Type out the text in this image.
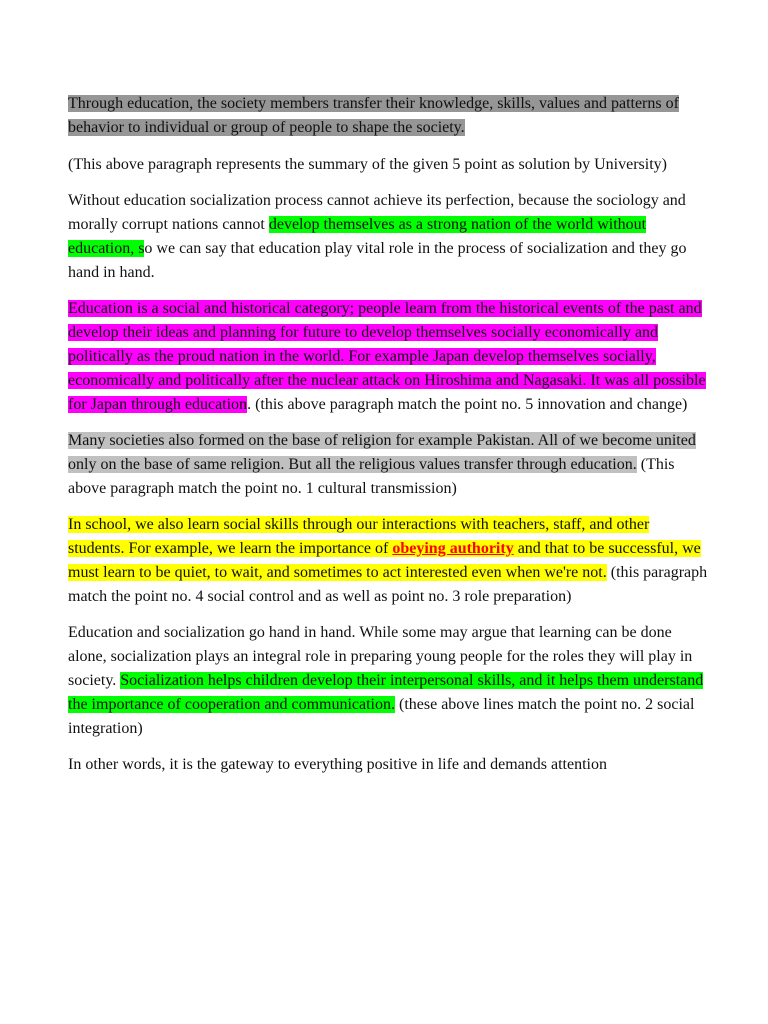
Through education, the society members transfer their knowledge, skills, values and patterns of behavior to individual or group of people to shape the society.

(This above paragraph represents the summary of the given 5 point as solution by University)

Without education socialization process cannot achieve its perfection, because the sociology and morally corrupt nations cannot develop themselves as a strong nation of the world without education, so we can say that education play vital role in the process of socialization and they go hand in hand.

Education is a social and historical category; people learn from the historical events of the past and develop their ideas and planning for future to develop themselves socially economically and politically as the proud nation in the world. For example Japan develop themselves socially, economically and politically after the nuclear attack on Hiroshima and Nagasaki. It was all possible for Japan through education. (this above paragraph match the point no. 5 innovation and change)

Many societies also formed on the base of religion for example Pakistan. All of we become united only on the base of same religion. But all the religious values transfer through education. (This above paragraph match the point no. 1 cultural transmission)

In school, we also learn social skills through our interactions with teachers, staff, and other students. For example, we learn the importance of obeying authority and that to be successful, we must learn to be quiet, to wait, and sometimes to act interested even when we're not. (this paragraph match the point no. 4 social control and as well as point no. 3 role preparation)

Education and socialization go hand in hand. While some may argue that learning can be done alone, socialization plays an integral role in preparing young people for the roles they will play in society. Socialization helps children develop their interpersonal skills, and it helps them understand the importance of cooperation and communication. (these above lines match the point no. 2 social integration)

In other words, it is the gateway to everything positive in life and demands attention
